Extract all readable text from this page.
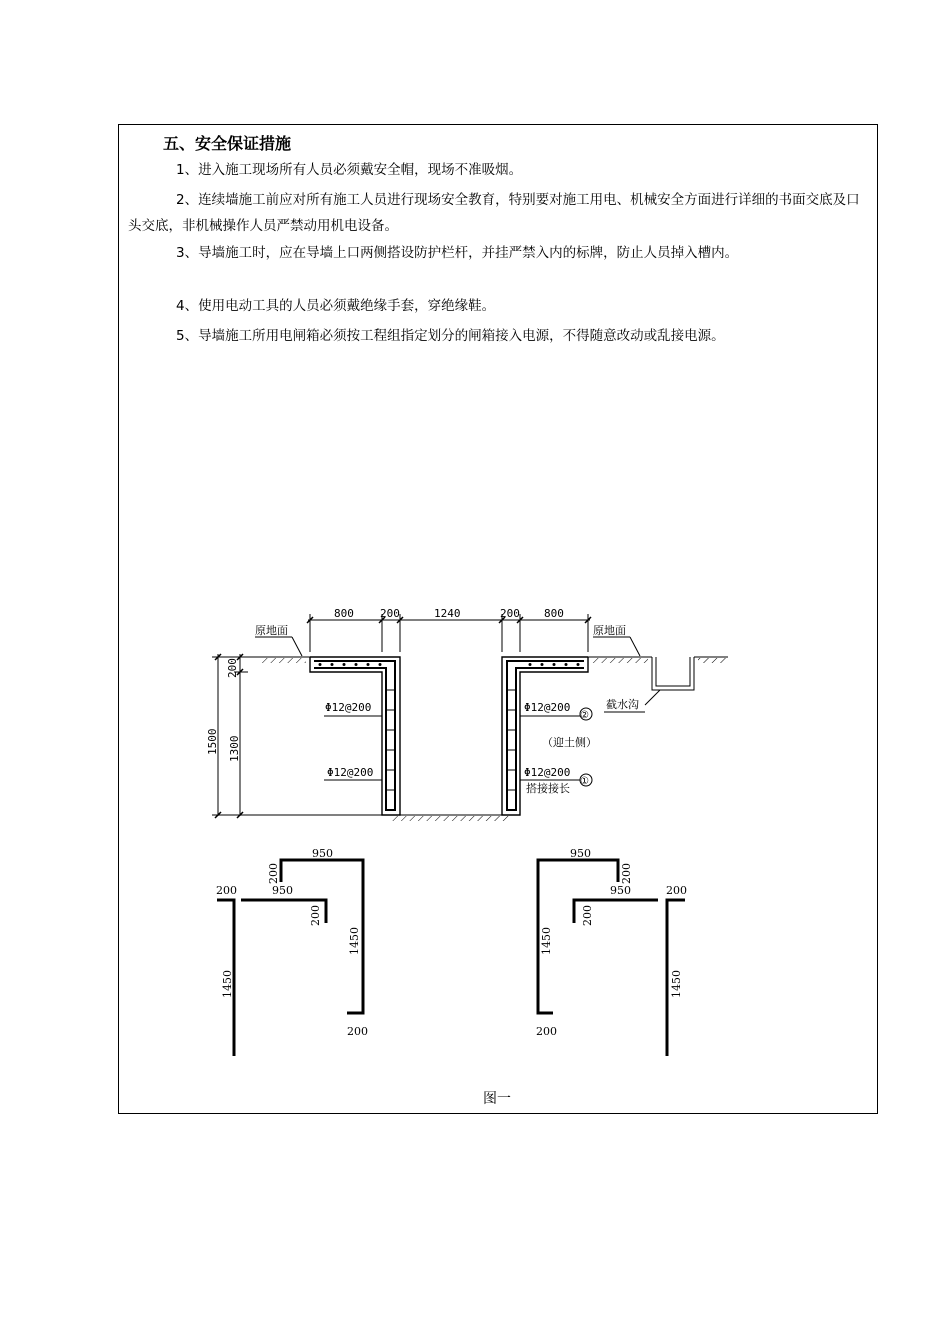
五、安全保证措施
1、进入施工现场所有人员必须戴安全帽，现场不准吸烟。
2、连续墙施工前应对所有施工人员进行现场安全教育，特别要对施工用电、机械安全方面进行详细的书面交底及口头交底，非机械操作人员严禁动用机电设备。
3、导墙施工时，应在导墙上口两侧搭设防护栏杆，并挂严禁入内的标牌，防止人员掉入槽内。
4、使用电动工具的人员必须戴绝缘手套，穿绝缘鞋。
5、导墙施工所用电闸箱必须按工程组指定划分的闸箱接入电源，不得随意改动或乱接电源。
800 200	1240	200 800
原地面	原地面
Φ12@200
Φ12@200
Φ12@200
Φ12@200
②
①
（迎土侧）
搭接接长
截水沟
200
1500 1300
200
1450
200
950
200
950
1450
200
950
200
1450
200
950
200
200
1450
图一
